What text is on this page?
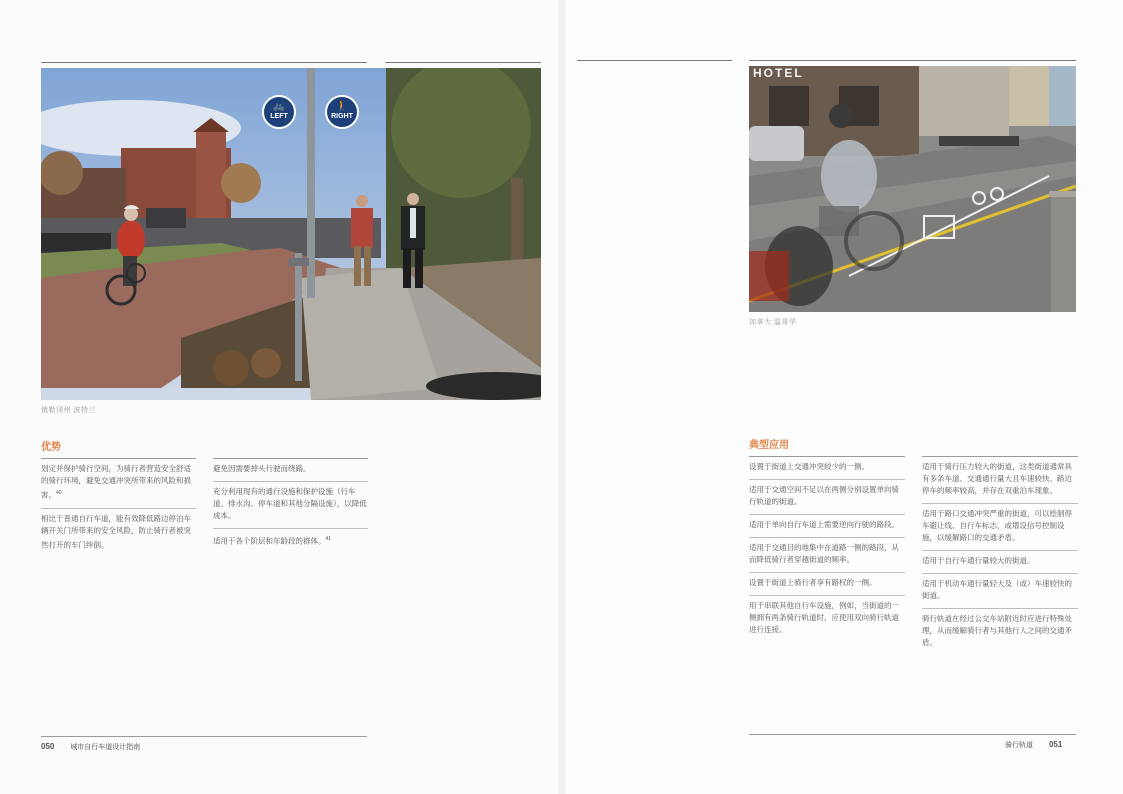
🚲
LEFT
🚶
RIGHT
俄勒冈州 波特兰
优势
划定并保护骑行空间，为骑行者营造安全舒适的骑行环境，避免交通冲突所带来的风险和损害。$^{40}$
相比于普通自行车道，能有效降低路边停泊车辆开关门所带来的安全风险，防止骑行者被突然打开的车门绊倒。
避免因需要掉头行驶而绕路。
充分利用现有的通行设施和保护设施（行车道、排水沟、停车道和其他分隔设施），以降低成本。
适用于各个阶层和年龄段的群体。$^{41}$
050 城市自行车道设计指南
HOTEL
加拿大 温哥华
典型应用
设置于街道上交通冲突较少的一侧。
适用于交通空间不足以在两侧分别设置单向骑行轨道的街道。
适用于单向自行车道上需要逆向行驶的路段。
适用于交通目的地集中在道路一侧的路段，从而降低骑行者穿越街道的频率。
设置于街道上骑行者享有路权的一侧。
用于串联其他自行车设施，例如，当街道的一侧拥有两条骑行轨道时，应使用双向骑行轨道进行连接。
适用于骑行压力较大的街道，这类街道通常具有多条车道、交通通行量大且车速较快、路边停车的频率较高，并存在双重泊车现象。
适用于路口交通冲突严重的街道，可以绘制停车避让线、自行车标志，或增设信号控制设施，以缓解路口的交通矛盾。
适用于自行车通行量较大的街道。
适用于机动车通行量轻大及（或）车速较快的街道。
骑行轨道在经过公交车站附近时应进行特殊处理，从而缓解骑行者与其他行人之间的交通矛盾。
骑行轨道 051
